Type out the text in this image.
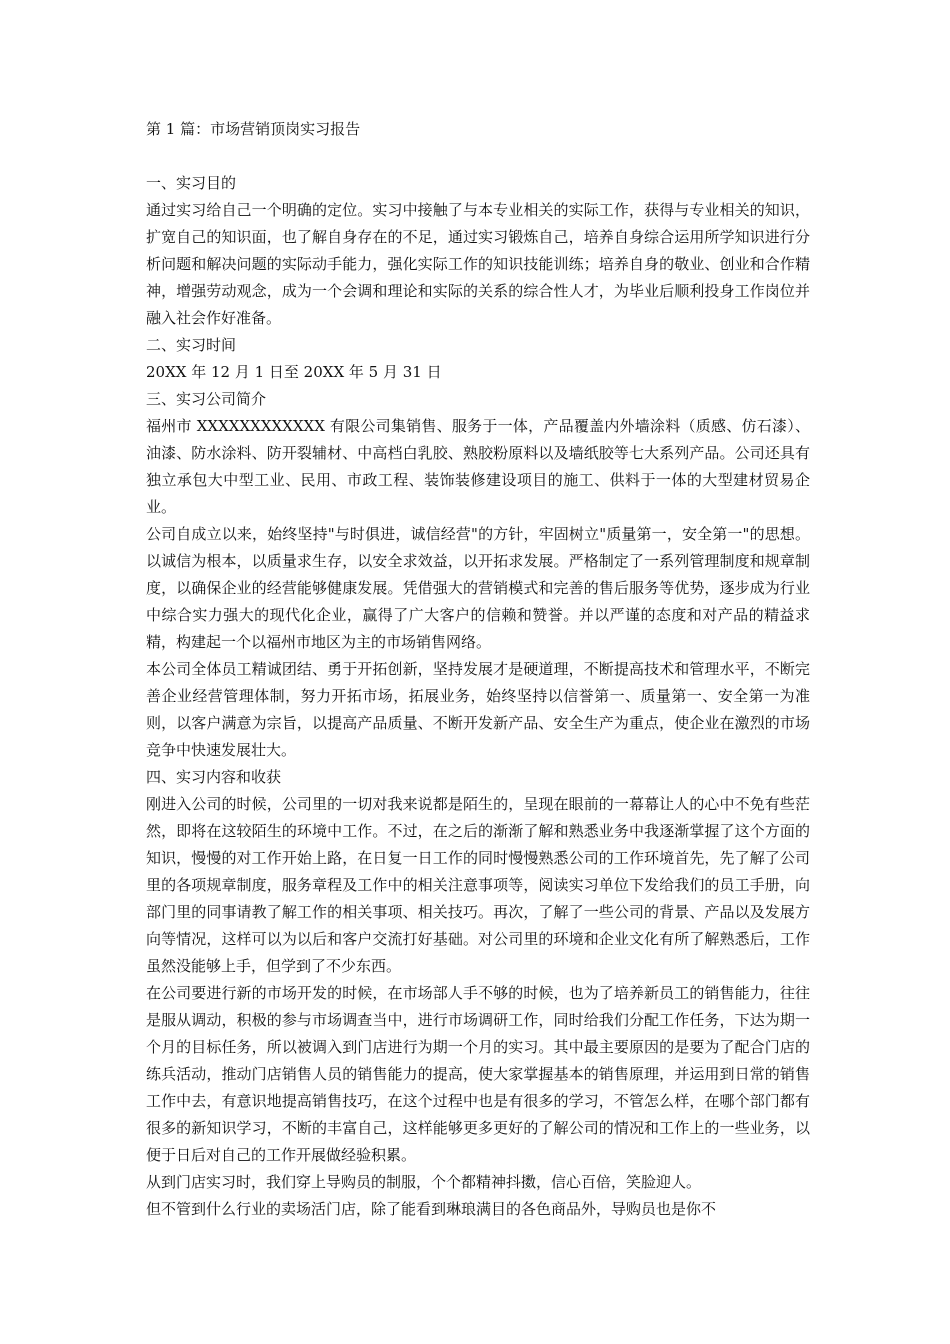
第 1 篇：市场营销顶岗实习报告

一、实习目的

通过实习给自己一个明确的定位。实习中接触了与本专业相关的实际工作，获得与专业相关的知识，扩宽自己的知识面，也了解自身存在的不足，通过实习锻炼自己，培养自身综合运用所学知识进行分析问题和解决问题的实际动手能力，强化实际工作的知识技能训练；培养自身的敬业、创业和合作精神，增强劳动观念，成为一个会调和理论和实际的关系的综合性人才，为毕业后顺利投身工作岗位并融入社会作好准备。

二、实习时间

20XX 年 12 月 1 日至 20XX 年 5 月 31 日

三、实习公司简介

福州市 XXXXXXXXXXXX 有限公司集销售、服务于一体，产品覆盖内外墙涂料（质感、仿石漆）、油漆、防水涂料、防开裂辅材、中高档白乳胶、熟胶粉原料以及墙纸胶等七大系列产品。公司还具有独立承包大中型工业、民用、市政工程、装饰装修建设项目的施工、供料于一体的大型建材贸易企业。

公司自成立以来，始终坚持"与时俱进，诚信经营"的方针，牢固树立"质量第一，安全第一"的思想。以诚信为根本，以质量求生存，以安全求效益，以开拓求发展。严格制定了一系列管理制度和规章制度，以确保企业的经营能够健康发展。凭借强大的营销模式和完善的售后服务等优势，逐步成为行业中综合实力强大的现代化企业，赢得了广大客户的信赖和赞誉。并以严谨的态度和对产品的精益求精，构建起一个以福州市地区为主的市场销售网络。

本公司全体员工精诚团结、勇于开拓创新，坚持发展才是硬道理，不断提高技术和管理水平，不断完善企业经营管理体制，努力开拓市场，拓展业务，始终坚持以信誉第一、质量第一、安全第一为准则，以客户满意为宗旨，以提高产品质量、不断开发新产品、安全生产为重点，使企业在激烈的市场竞争中快速发展壮大。

四、实习内容和收获

刚进入公司的时候，公司里的一切对我来说都是陌生的，呈现在眼前的一幕幕让人的心中不免有些茫然，即将在这较陌生的环境中工作。不过，在之后的渐渐了解和熟悉业务中我逐渐掌握了这个方面的知识，慢慢的对工作开始上路，在日复一日工作的同时慢慢熟悉公司的工作环境首先，先了解了公司里的各项规章制度，服务章程及工作中的相关注意事项等，阅读实习单位下发给我们的员工手册，向部门里的同事请教了解工作的相关事项、相关技巧。再次，了解了一些公司的背景、产品以及发展方向等情况，这样可以为以后和客户交流打好基础。对公司里的环境和企业文化有所了解熟悉后，工作虽然没能够上手，但学到了不少东西。

在公司要进行新的市场开发的时候，在市场部人手不够的时候，也为了培养新员工的销售能力，往往是服从调动，积极的参与市场调查当中，进行市场调研工作，同时给我们分配工作任务，下达为期一个月的目标任务，所以被调入到门店进行为期一个月的实习。其中最主要原因的是要为了配合门店的练兵活动，推动门店销售人员的销售能力的提高，使大家掌握基本的销售原理，并运用到日常的销售工作中去，有意识地提高销售技巧，在这个过程中也是有很多的学习，不管怎么样，在哪个部门都有很多的新知识学习，不断的丰富自己，这样能够更多更好的了解公司的情况和工作上的一些业务，以便于日后对自己的工作开展做经验积累。

从到门店实习时，我们穿上导购员的制服，个个都精神抖擞，信心百倍，笑脸迎人。

但不管到什么行业的卖场活门店，除了能看到琳琅满目的各色商品外，导购员也是你不
